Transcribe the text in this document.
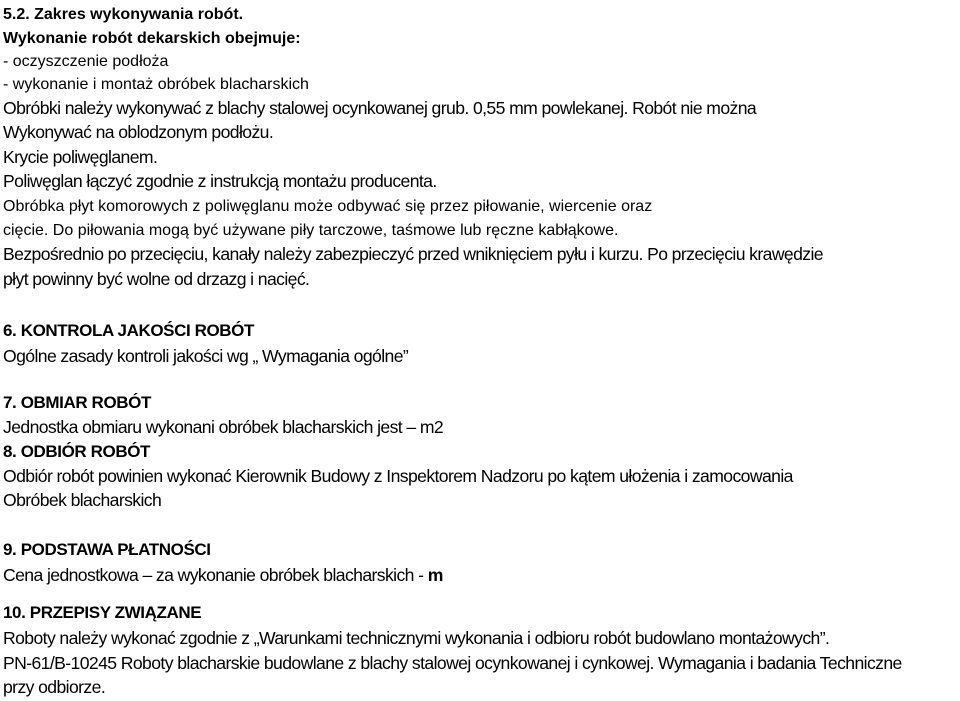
5.2. Zakres wykonywania robót.
Wykonanie robót dekarskich obejmuje:
- oczyszczenie podłoża
- wykonanie i montaż obróbek blacharskich
Obróbki należy wykonywać z blachy stalowej ocynkowanej grub. 0,55 mm powlekanej. Robót nie można
Wykonywać na oblodzonym podłożu.
Krycie poliwęglanem.
Poliwęglan łączyć zgodnie z instrukcją montażu producenta.
Obróbka płyt komorowych z poliwęglanu może odbywać się przez piłowanie, wiercenie oraz
cięcie. Do piłowania mogą być używane piły tarczowe, taśmowe lub ręczne kabłąkowe.
Bezpośrednio po przecięciu, kanały należy zabezpieczyć przed wniknięciem pyłu i kurzu. Po przecięciu krawędzie
płyt powinny być wolne od drzazg i nacięć.
6. KONTROLA JAKOŚCI ROBÓT
Ogólne zasady kontroli jakości wg „ Wymagania ogólne”
7. OBMIAR ROBÓT
Jednostka obmiaru wykonani obróbek blacharskich jest – m2
8. ODBIÓR ROBÓT
Odbiór robót powinien wykonać Kierownik Budowy z Inspektorem Nadzoru po kątem ułożenia i zamocowania
Obróbek blacharskich
9. PODSTAWA PŁATNOŚCI
Cena jednostkowa – za wykonanie obróbek blacharskich - m
10. PRZEPISY ZWIĄZANE
Roboty należy wykonać zgodnie z „Warunkami technicznymi wykonania i odbioru robót budowlano montażowych”.
PN-61/B-10245 Roboty blacharskie budowlane z blachy stalowej ocynkowanej i cynkowej. Wymagania i badania Techniczne
przy odbiorze.
